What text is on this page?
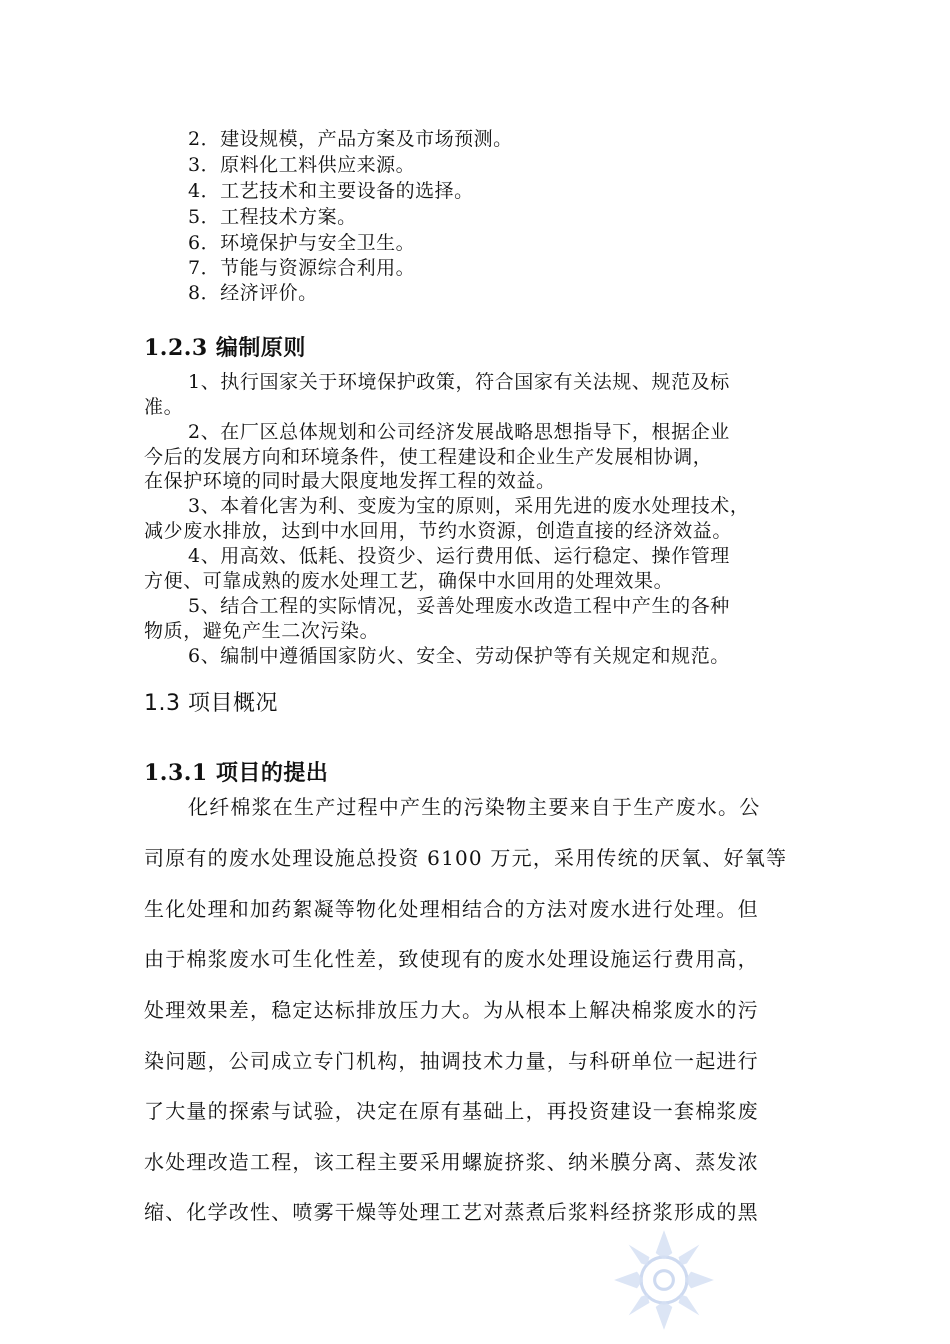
2．建设规模，产品方案及市场预测。
3．原料化工料供应来源。
4．工艺技术和主要设备的选择。
5．工程技术方案。
6．环境保护与安全卫生。
7．节能与资源综合利用。
8．经济评价。
1.2.3 编制原则
1、执行国家关于环境保护政策，符合国家有关法规、规范及标
准。
2、在厂区总体规划和公司经济发展战略思想指导下，根据企业
今后的发展方向和环境条件，使工程建设和企业生产发展相协调，
在保护环境的同时最大限度地发挥工程的效益。
3、本着化害为利、变废为宝的原则，采用先进的废水处理技术，
减少废水排放，达到中水回用，节约水资源，创造直接的经济效益。
4、用高效、低耗、投资少、运行费用低、运行稳定、操作管理
方便、可靠成熟的废水处理工艺，确保中水回用的处理效果。
5、结合工程的实际情况，妥善处理废水改造工程中产生的各种
物质，避免产生二次污染。
6、编制中遵循国家防火、安全、劳动保护等有关规定和规范。
1.3 项目概况
1.3.1 项目的提出
化纤棉浆在生产过程中产生的污染物主要来自于生产废水。公
司原有的废水处理设施总投资 6100 万元，采用传统的厌氧、好氧等
生化处理和加药絮凝等物化处理相结合的方法对废水进行处理。但
由于棉浆废水可生化性差，致使现有的废水处理设施运行费用高，
处理效果差，稳定达标排放压力大。为从根本上解决棉浆废水的污
染问题，公司成立专门机构，抽调技术力量，与科研单位一起进行
了大量的探索与试验，决定在原有基础上，再投资建设一套棉浆废
水处理改造工程，该工程主要采用螺旋挤浆、纳米膜分离、蒸发浓
缩、化学改性、喷雾干燥等处理工艺对蒸煮后浆料经挤浆形成的黑
